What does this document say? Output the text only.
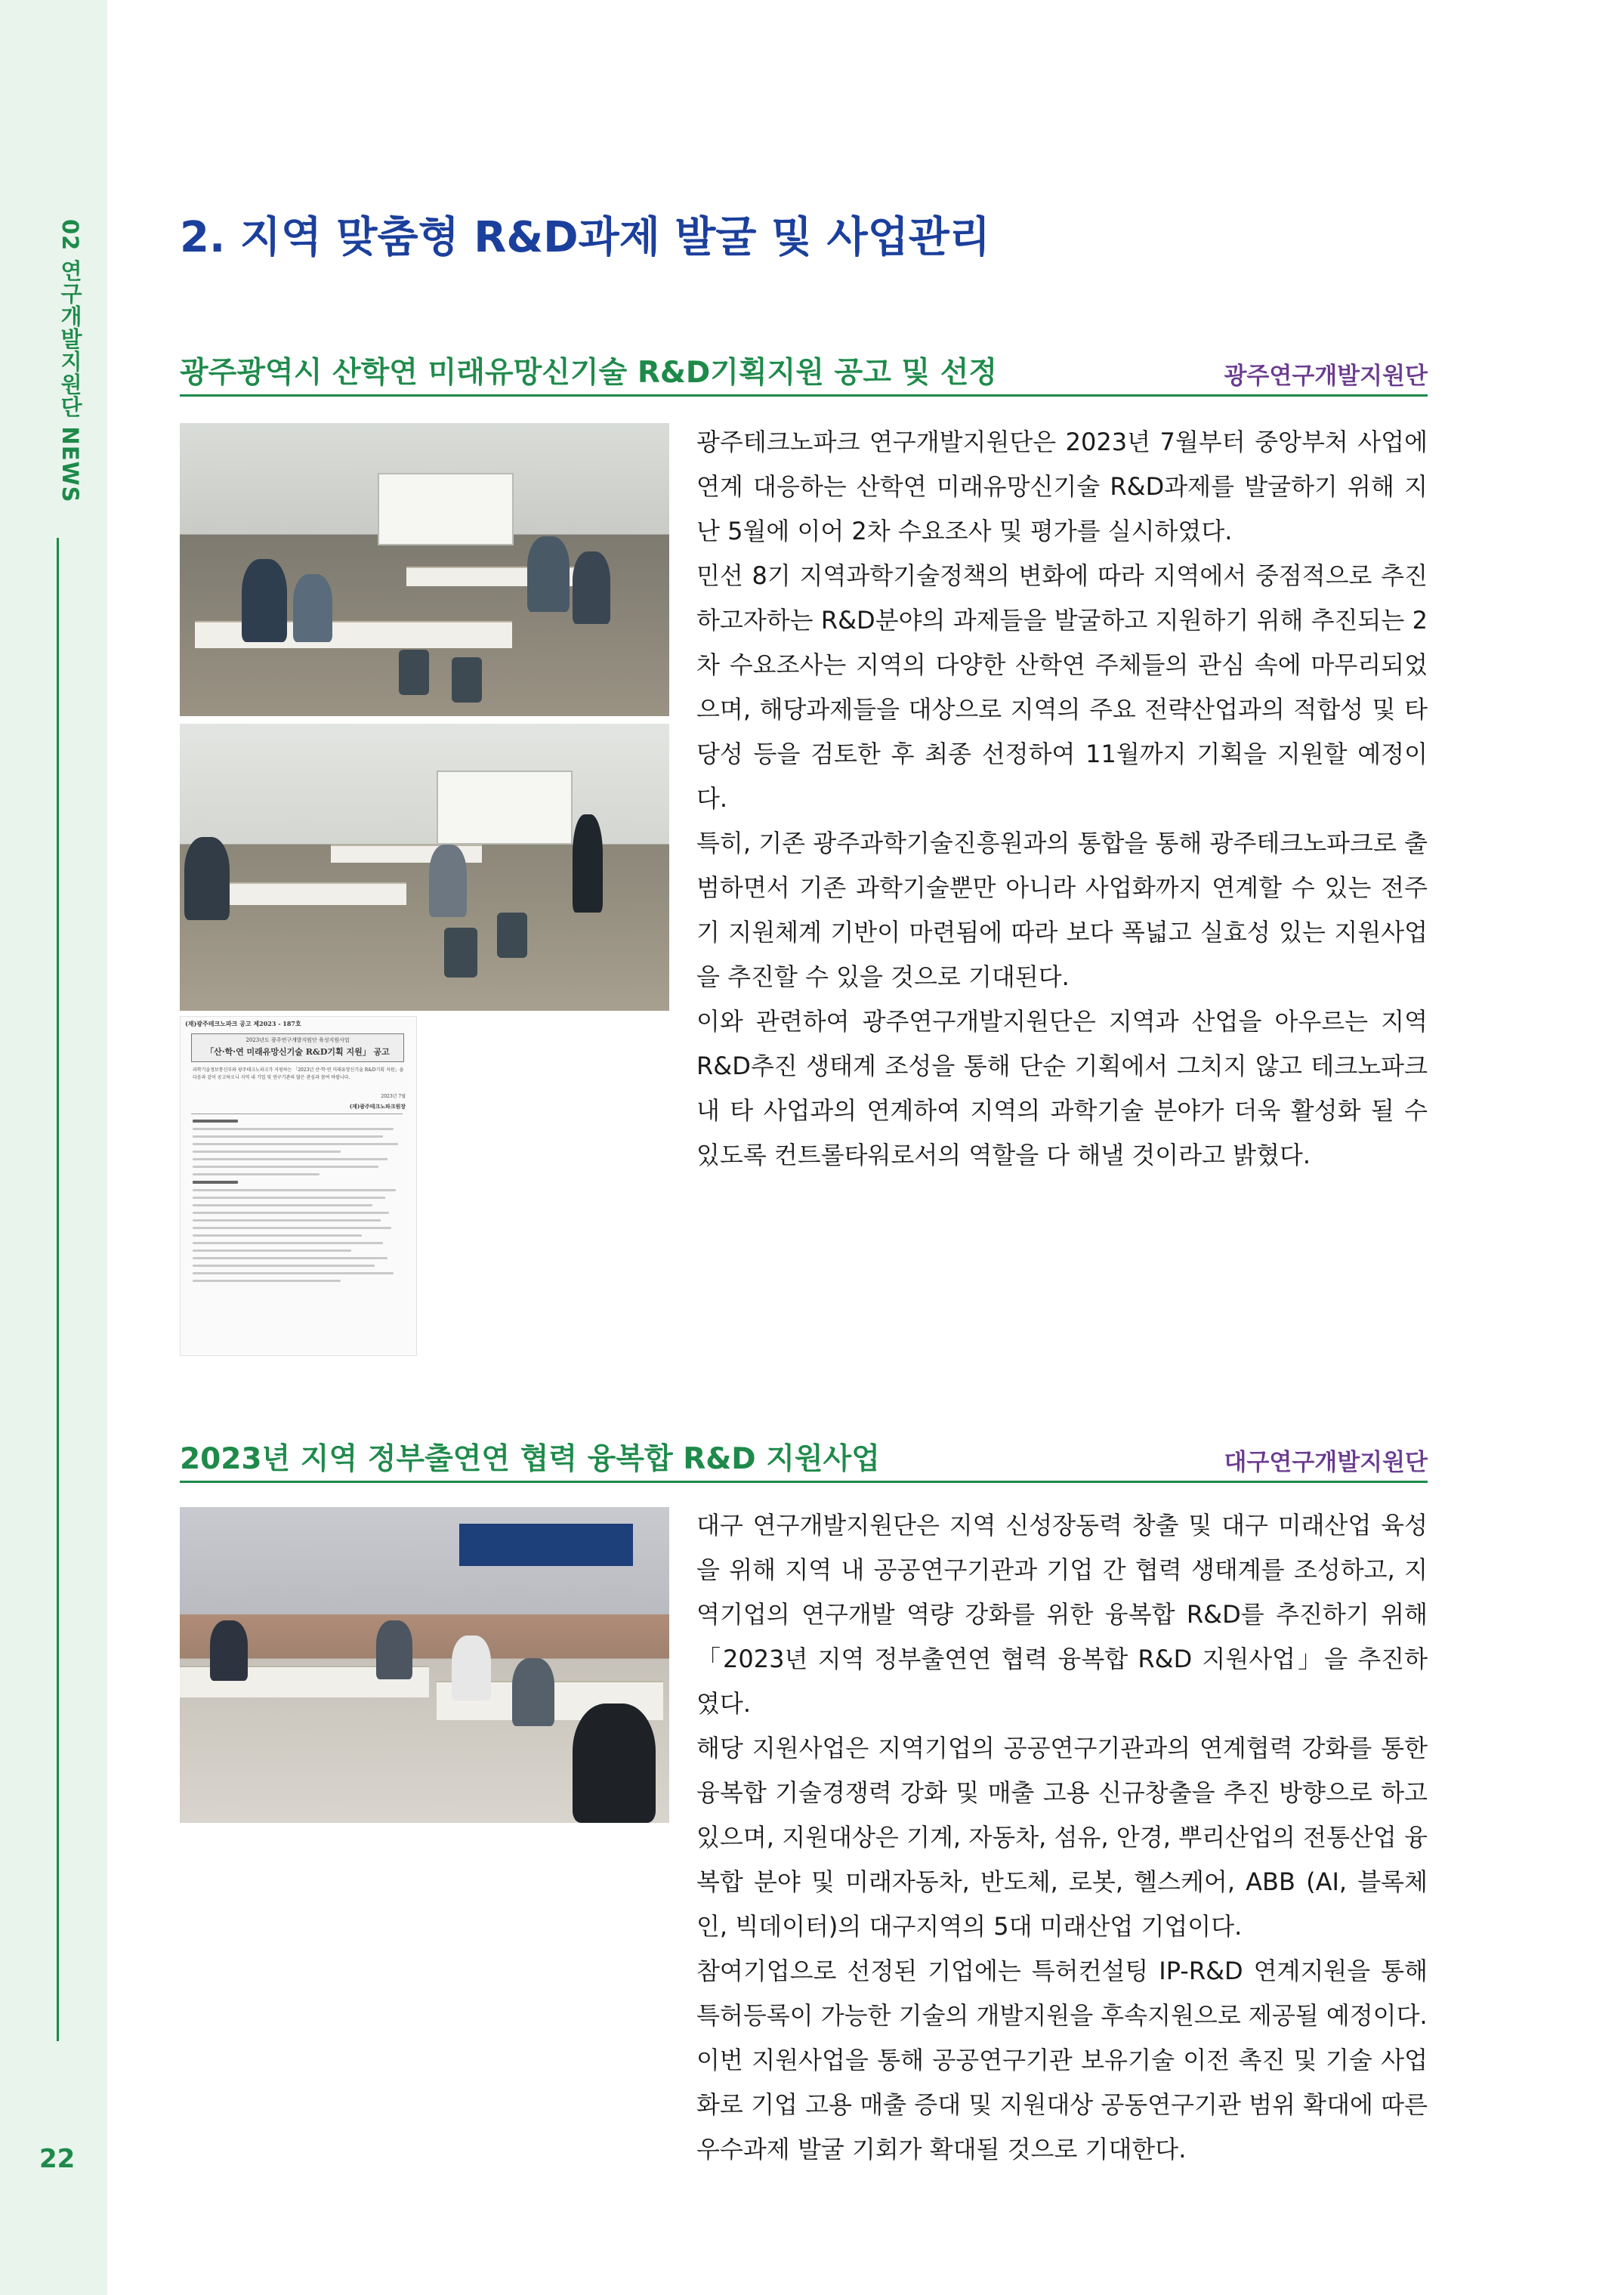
02 연구개발지원단 NEWS
22
2. 지역 맞춤형 R&D과제 발굴 및 사업관리
광주광역시 산학연 미래유망신기술 R&D기획지원 공고 및 선정	광주연구개발지원단
(재)광주테크노파크 공고 제2023 - 187호
2023년도 광주연구개발지원단 육성지원사업
「산·학·연 미래유망신기술 R&D기획 지원」 공고
과학기술정보통신부와 광주테크노파크가 지원하는 「2023년 산·학·연 미래유망신기술 R&D기획 지원」을 다음과 같이 공고하오니 지역 내 기업 및 연구기관의 많은 관심과 참여 바랍니다.
2023년 7월
(재)광주테크노파크원장

광주테크노파크 연구개발지원단은 2023년 7월부터 중앙부처 사업에 연계 대응하는 산학연 미래유망신기술 R&D과제를 발굴하기 위해 지난 5월에 이어 2차 수요조사 및 평가를 실시하였다.

민선 8기 지역과학기술정책의 변화에 따라 지역에서 중점적으로 추진하고자하는 R&D분야의 과제들을 발굴하고 지원하기 위해 추진되는 2차 수요조사는 지역의 다양한 산학연 주체들의 관심 속에 마무리되었으며, 해당과제들을 대상으로 지역의 주요 전략산업과의 적합성 및 타당성 등을 검토한 후 최종 선정하여 11월까지 기획을 지원할 예정이다.

특히, 기존 광주과학기술진흥원과의 통합을 통해 광주테크노파크로 출범하면서 기존 과학기술뿐만 아니라 사업화까지 연계할 수 있는 전주기 지원체계 기반이 마련됨에 따라 보다 폭넓고 실효성 있는 지원사업을 추진할 수 있을 것으로 기대된다.

이와 관련하여 광주연구개발지원단은 지역과 산업을 아우르는 지역 R&D추진 생태계 조성을 통해 단순 기획에서 그치지 않고 테크노파크 내 타 사업과의 연계하여 지역의 과학기술 분야가 더욱 활성화 될 수 있도록 컨트롤타워로서의 역할을 다 해낼 것이라고 밝혔다.

2023년 지역 정부출연연 협력 융복합 R&D 지원사업	대구연구개발지원단

대구 연구개발지원단은 지역 신성장동력 창출 및 대구 미래산업 육성을 위해 지역 내 공공연구기관과 기업 간 협력 생태계를 조성하고, 지역기업의 연구개발 역량 강화를 위한 융복합 R&D를 추진하기 위해 「2023년 지역 정부출연연 협력 융복합 R&D 지원사업」을 추진하였다.

해당 지원사업은 지역기업의 공공연구기관과의 연계협력 강화를 통한 융복합 기술경쟁력 강화 및 매출 고용 신규창출을 추진 방향으로 하고 있으며, 지원대상은 기계, 자동차, 섬유, 안경, 뿌리산업의 전통산업 융복합 분야 및 미래자동차, 반도체, 로봇, 헬스케어, ABB (AI, 블록체인, 빅데이터)의 대구지역의 5대 미래산업 기업이다.

참여기업으로 선정된 기업에는 특허컨설팅 IP-R&D 연계지원을 통해 특허등록이 가능한 기술의 개발지원을 후속지원으로 제공될 예정이다.

이번 지원사업을 통해 공공연구기관 보유기술 이전 촉진 및 기술 사업화로 기업 고용 매출 증대 및 지원대상 공동연구기관 범위 확대에 따른 우수과제 발굴 기회가 확대될 것으로 기대한다.
